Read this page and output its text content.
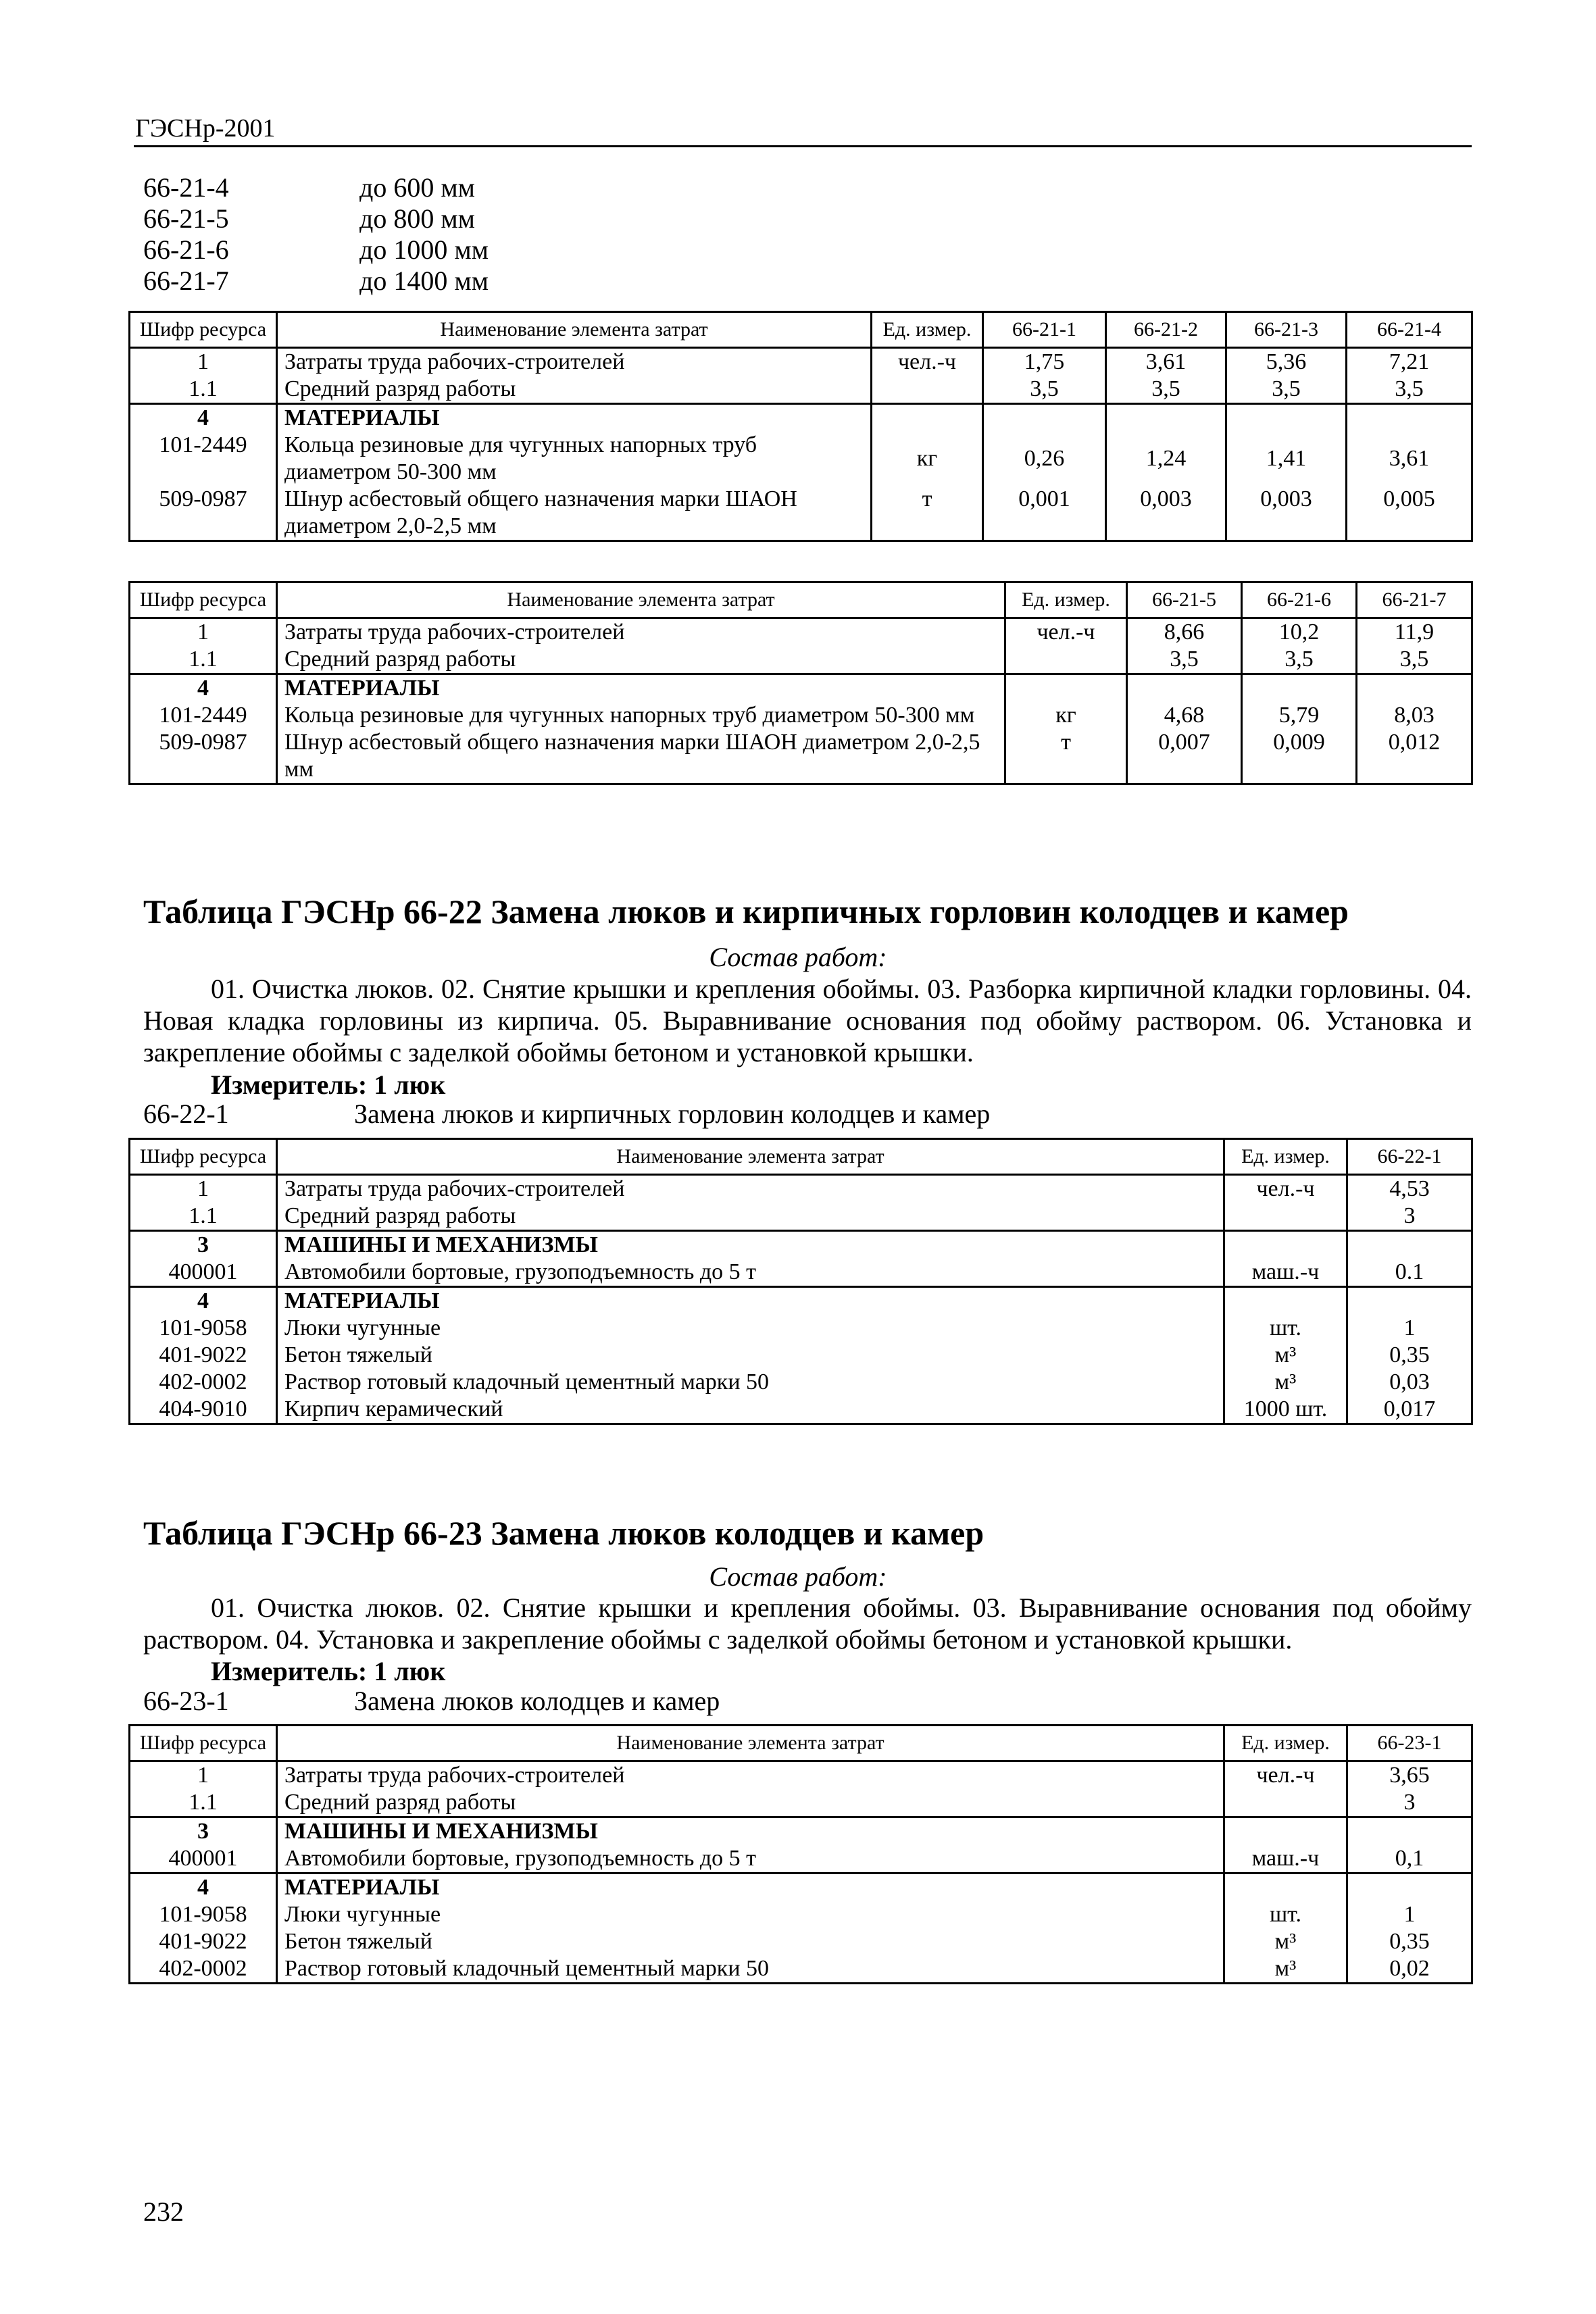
ГЭСНр-2001
66-21-4	до 600 мм
66-21-5	до 800 мм
66-21-6	до 1000 мм
66-21-7	до 1400 мм
Шифр ресурса	Наименование элемента затрат	Ед. измер.	66-21-1	66-21-2	66-21-3	66-21-4
1	Затраты труда рабочих-строителей	чел.-ч	1,75	3,61	5,36	7,21
1.1	Средний разряд работы		3,5	3,5	3,5	3,5
4	МАТЕРИАЛЫ					
101-2449	Кольца резиновые для чугунных напорных труб диаметром 50-300 мм	кг	0,26	1,24	1,41	3,61
509-0987	Шнур асбестовый общего назначения марки ШАОН диаметром 2,0-2,5 мм	т	0,001	0,003	0,003	0,005
Шифр ресурса	Наименование элемента затрат	Ед. измер.	66-21-5	66-21-6	66-21-7
1	Затраты труда рабочих-строителей	чел.-ч	8,66	10,2	11,9
1.1	Средний разряд работы		3,5	3,5	3,5
4	МАТЕРИАЛЫ				
101-2449	Кольца резиновые для чугунных напорных труб диаметром 50-300 мм	кг	4,68	5,79	8,03
509-0987	Шнур асбестовый общего назначения марки ШАОН диаметром 2,0-2,5 мм	т	0,007	0,009	0,012
Таблица ГЭСНр 66-22 Замена люков и кирпичных горловин колодцев и камер
Состав работ:
01. Очистка люков. 02. Снятие крышки и крепления обоймы. 03. Разборка кирпичной кладки горловины. 04. Новая кладка горловины из кирпича. 05. Выравнивание основания под обойму раствором. 06. Установка и закрепление обоймы с заделкой обоймы бетоном и установкой крышки.
Измеритель: 1 люк
66-22-1	Замена люков и кирпичных горловин колодцев и камер
Шифр ресурса	Наименование элемента затрат	Ед. измер.	66-22-1
1	Затраты труда рабочих-строителей	чел.-ч	4,53
1.1	Средний разряд работы		3
3	МАШИНЫ И МЕХАНИЗМЫ		
400001	Автомобили бортовые, грузоподъемность до 5 т	маш.-ч	0.1
4	МАТЕРИАЛЫ		
101-9058	Люки чугунные	шт.	1
401-9022	Бетон тяжелый	м³	0,35
402-0002	Раствор готовый кладочный цементный марки 50	м³	0,03
404-9010	Кирпич керамический	1000 шт.	0,017
Таблица ГЭСНр 66-23 Замена люков колодцев и камер
Состав работ:
01. Очистка люков. 02. Снятие крышки и крепления обоймы. 03. Выравнивание основания под обойму раствором. 04. Установка и закрепление обоймы с заделкой обоймы бетоном и установкой крышки.
Измеритель: 1 люк
66-23-1	Замена люков колодцев и камер
Шифр ресурса	Наименование элемента затрат	Ед. измер.	66-23-1
1	Затраты труда рабочих-строителей	чел.-ч	3,65
1.1	Средний разряд работы		3
3	МАШИНЫ И МЕХАНИЗМЫ		
400001	Автомобили бортовые, грузоподъемность до 5 т	маш.-ч	0,1
4	МАТЕРИАЛЫ		
101-9058	Люки чугунные	шт.	1
401-9022	Бетон тяжелый	м³	0,35
402-0002	Раствор готовый кладочный цементный марки 50	м³	0,02
232
